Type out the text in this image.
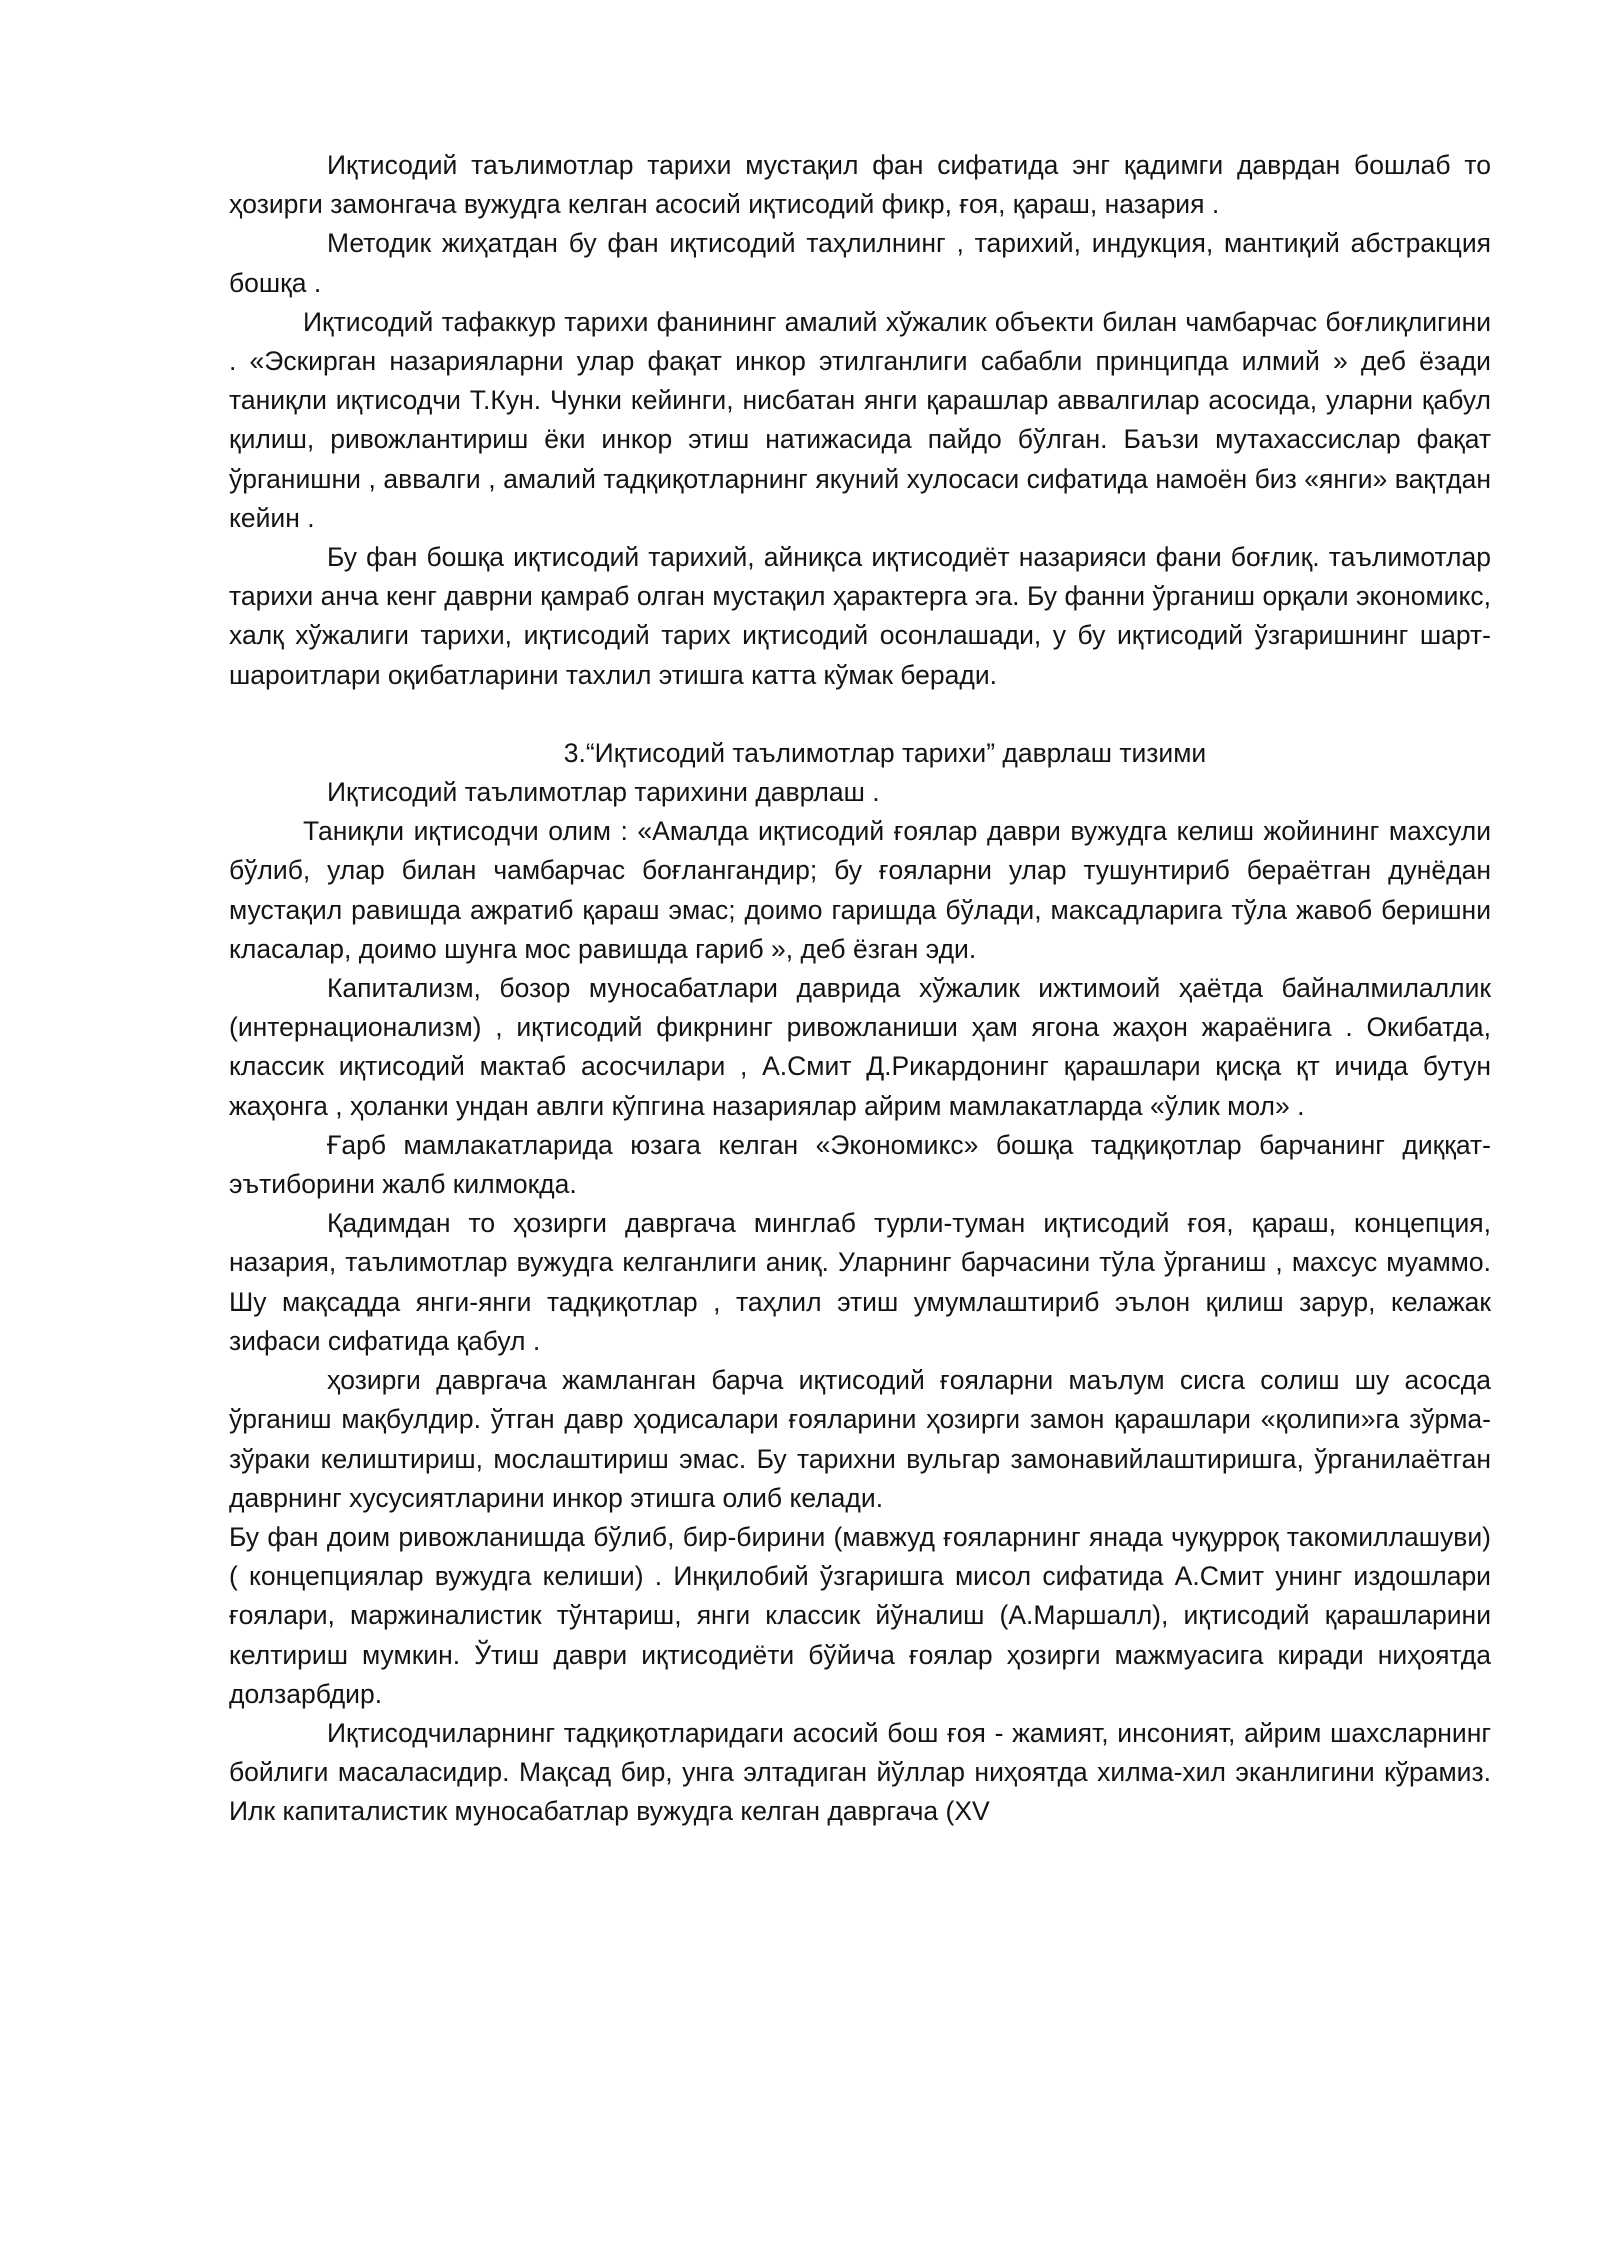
Иқтисодий таълимотлар тарихи мустақил фан сифатида энг қадимги даврдан бошлаб то ҳозирги замонгача вужудга келган асосий иқтисодий фикр, ғоя, қараш, назария .

Методик жиҳатдан бу фан иқтисодий таҳлилнинг , тарихий, индукция, мантиқий абстракция бошқа .

Иқтисодий тафаккур тарихи фанининг амалий хўжалик объекти билан чамбарчас боғлиқлигини . «Эскирган назарияларни улар фақат инкор этилганлиги сабабли принципда илмий » деб ёзади таниқли иқтисодчи Т.Кун. Чунки кейинги, нисбатан янги қарашлар аввалгилар асосида, уларни қабул қилиш, ривожлантириш ёки инкор этиш натижасида пайдо бўлган. Баъзи мутахассислар фақат ўрганишни , аввалги , амалий тадқиқотларнинг якуний хулосаси сифатида намоён биз «янги» вақтдан кейин .

Бу фан бошқа иқтисодий тарихий, айниқса иқтисодиёт назарияси фани боғлиқ. таълимотлар тарихи анча кенг даврни қамраб олган мустақил ҳарактерга эга. Бу фанни ўрганиш орқали экономикс, халқ хўжалиги тарихи, иқтисодий тарих иқтисодий осонлашади, у бу иқтисодий ўзгаришнинг шарт-шароитлари оқибатларини тахлил этишга катта кўмак беради.

3.“Иқтисодий таълимотлар тарихи” даврлаш тизими

Иқтисодий таълимотлар тарихини даврлаш .

Таниқли иқтисодчи олим : «Амалда иқтисодий ғоялар даври вужудга келиш жойининг махсули бўлиб, улар билан чамбарчас боғлангандир; бу ғояларни улар тушунтириб бераётган дунёдан мустақил равишда ажратиб қараш эмас; доимо гаришда бўлади, максадларига тўла жавоб беришни класалар, доимо шунга мос равишда гариб », деб ёзган эди.

Капитализм, бозор муносабатлари даврида хўжалик ижтимоий ҳаётда байналмилаллик (интернационализм) , иқтисодий фикрнинг ривожланиши ҳам ягона жаҳон жараёнига . Окибатда, классик иқтисодий мактаб асосчилари , А.Смит Д.Рикардонинг қарашлари қисқа қт ичида бутун жаҳонга , ҳоланки ундан авлги кўпгина назариялар айрим мамлакатларда «ўлик мол» .

Ғарб мамлакатларида юзага келган «Экономикс» бошқа тадқиқотлар барчанинг диққат-эътиборини жалб килмокда.

Қадимдан то ҳозирги давргача минглаб турли-туман иқтисодий ғоя, қараш, концепция, назария, таълимотлар вужудга келганлиги аниқ. Уларнинг барчасини тўла ўрганиш , махсус муаммо. Шу мақсадда янги-янги тадқиқотлар , таҳлил этиш умумлаштириб эълон қилиш зарур, келажак зифаси сифатида қабул .

ҳозирги давргача жамланган барча иқтисодий ғояларни маълум сисга солиш шу асосда ўрганиш мақбулдир. ўтган давр ҳодисалари ғояларини ҳозирги замон қарашлари «қолипи»га зўрма-зўраки келиштириш, мослаштириш эмас. Бу тарихни вульгар замонавийлаштиришга, ўрганилаётган даврнинг хусусиятларини инкор этишга олиб келади.

Бу фан доим ривожланишда бўлиб, бир-бирини (мавжуд ғояларнинг янада чуқурроқ такомиллашуви) ( концепциялар вужудга келиши) . Инқилобий ўзгаришга мисол сифатида А.Смит унинг издошлари ғоялари, маржиналистик тўнтариш, янги классик йўналиш (А.Маршалл), иқтисодий қарашларини келтириш мумкин. Ўтиш даври иқтисодиёти бўйича ғоялар ҳозирги мажмуасига киради ниҳоятда долзарбдир.

Иқтисодчиларнинг тадқиқотларидаги асосий бош ғоя - жамият, инсоният, айрим шахсларнинг бойлиги масаласидир. Мақсад бир, унга элтадиган йўллар ниҳоятда хилма-хил эканлигини кўрамиз. Илк капиталистик муносабатлар вужудга келган давргача (XV
